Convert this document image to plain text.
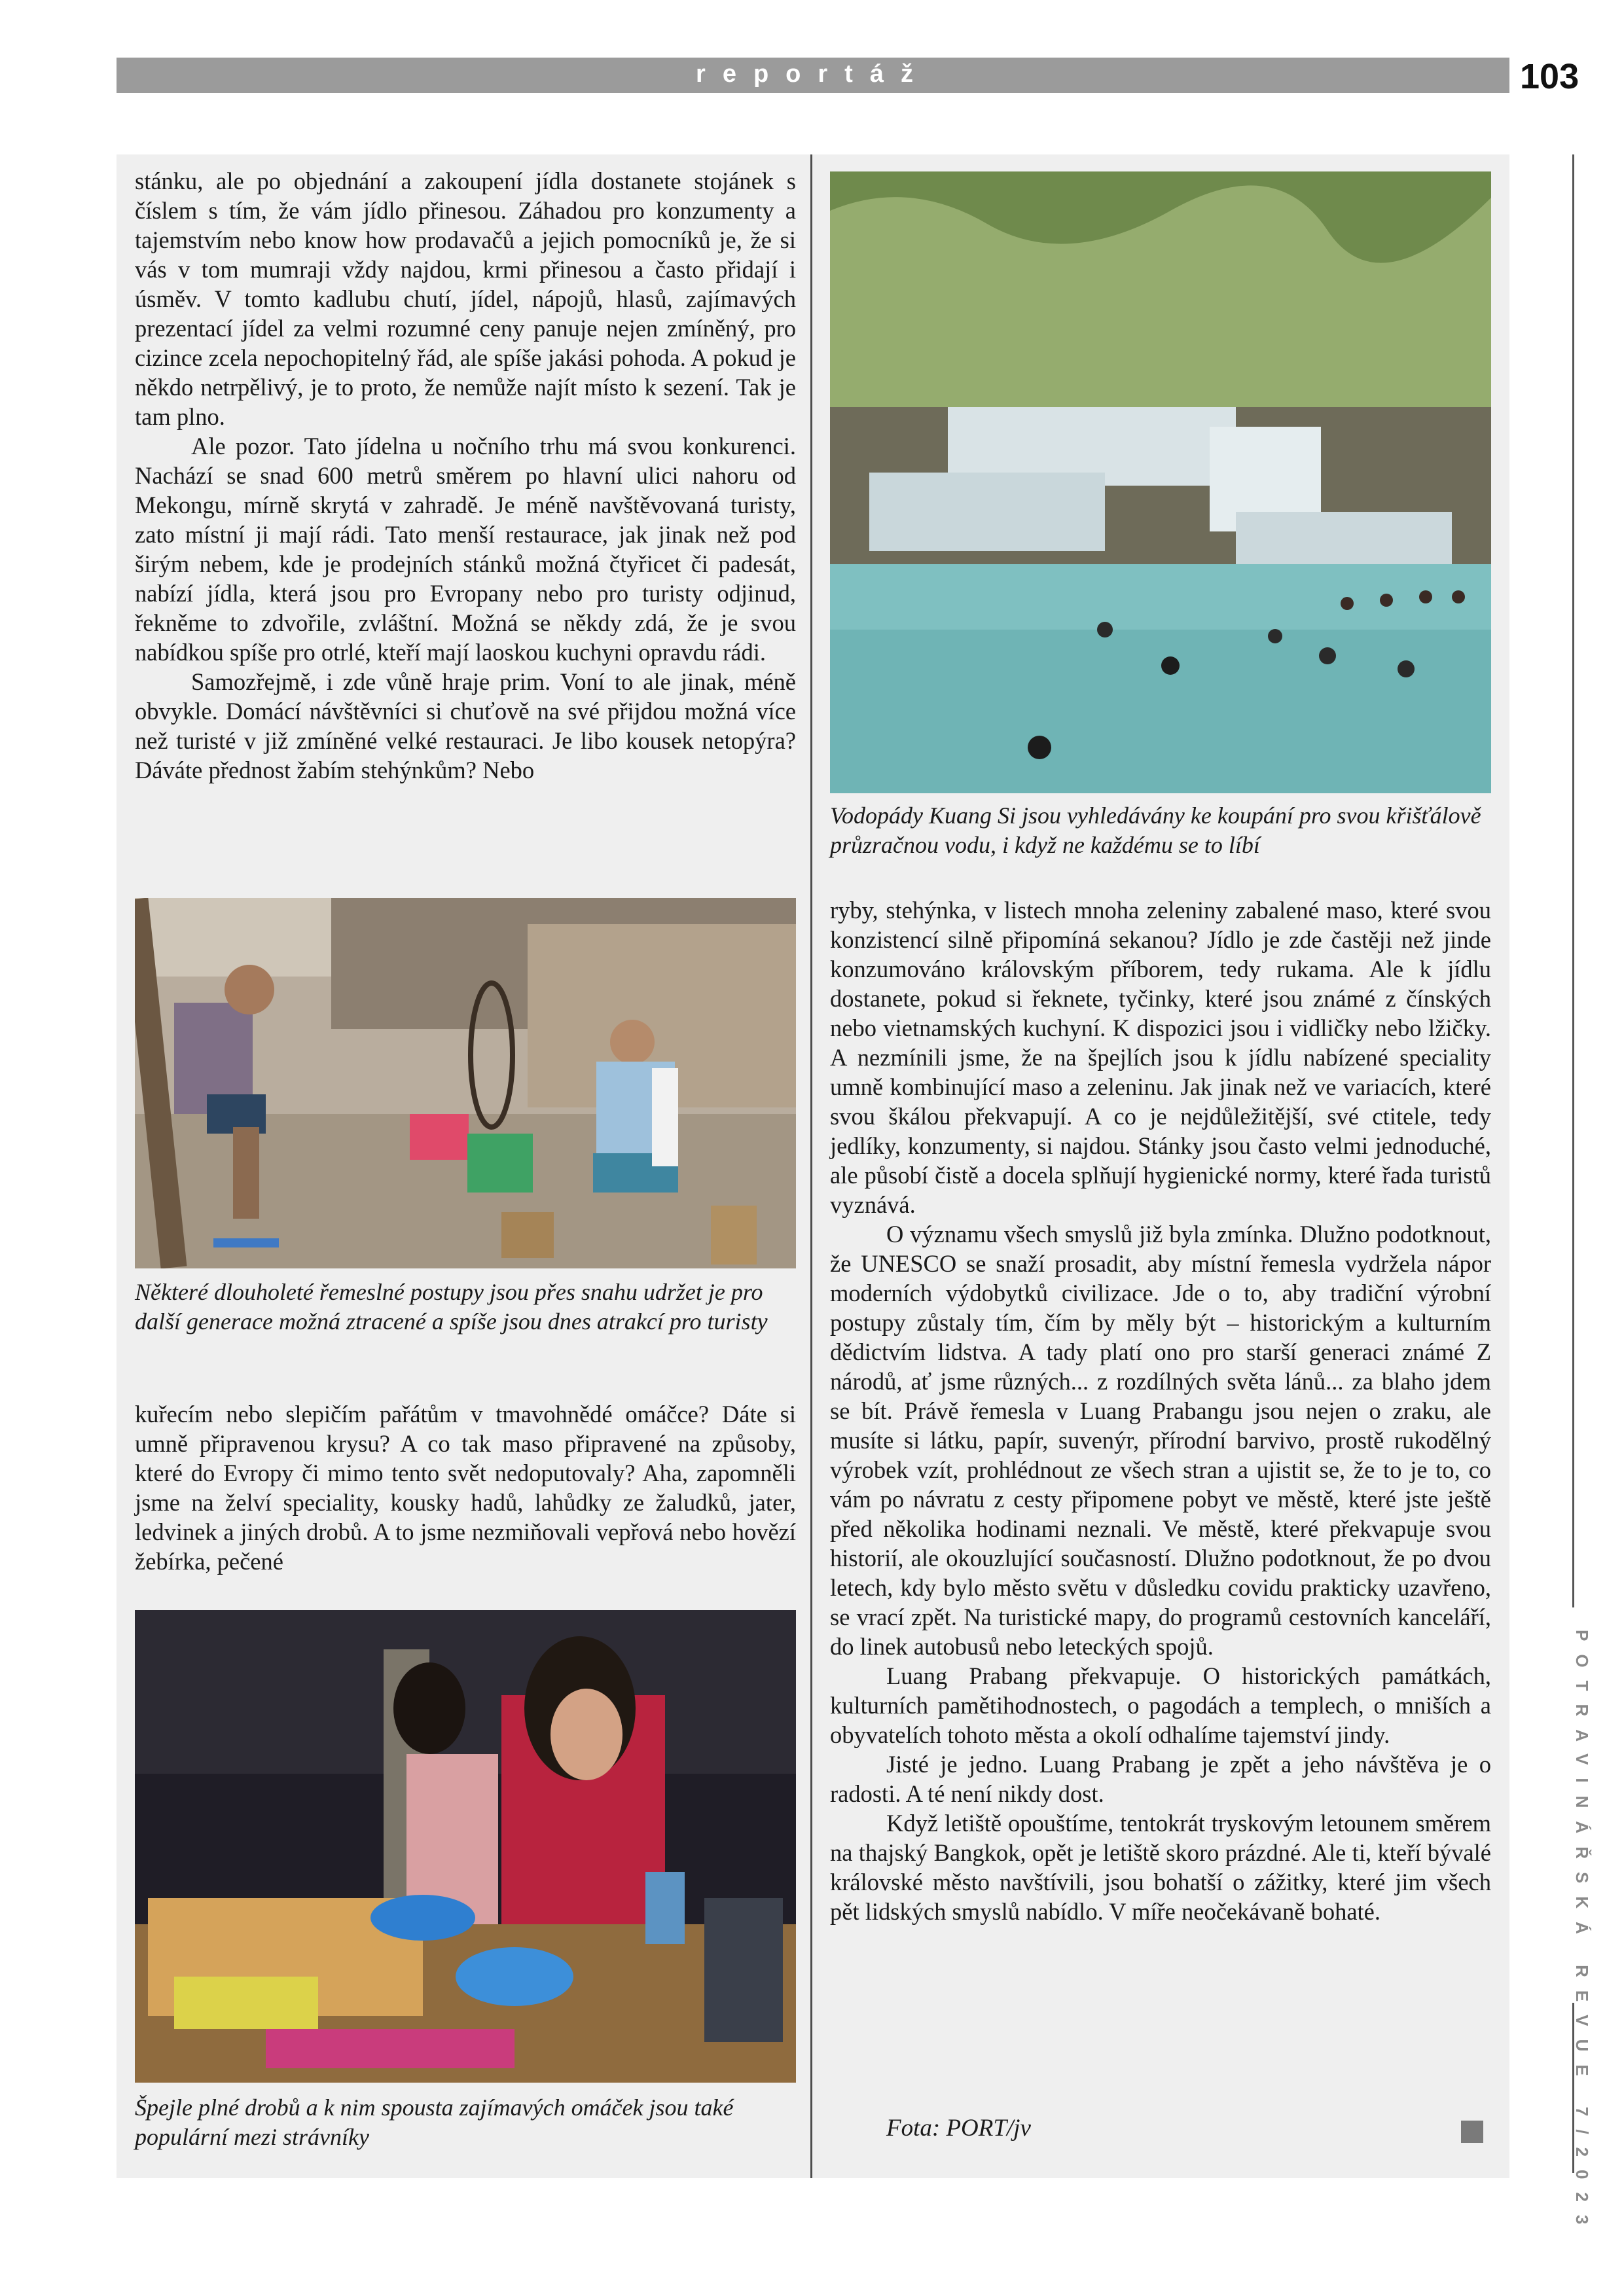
reportáž	103
POTRAVINÁŘSKÁ REVUE 7/2023

stánku, ale po objednání a zakoupení jídla dostanete stojánek s číslem s tím, že vám jídlo přinesou. Záhadou pro konzumenty a tajemstvím nebo know how prodavačů a jejich pomocníků je, že si vás v tom mumraji vždy najdou, krmi přinesou a často přidají i úsměv. V tomto kadlubu chutí, jídel, nápojů, hlasů, zajímavých prezentací jídel za velmi rozumné ceny panuje nejen zmíněný, pro cizince zcela nepochopitelný řád, ale spíše jakási pohoda. A pokud je někdo netrpělivý, je to proto, že nemůže najít místo k sezení. Tak je tam plno.

Ale pozor. Tato jídelna u nočního trhu má svou konkurenci. Nachází se snad 600 metrů směrem po hlavní ulici nahoru od Mekongu, mírně skrytá v zahradě. Je méně navštěvovaná turisty, zato místní ji mají rádi. Tato menší restaurace, jak jinak než pod širým nebem, kde je prodejních stánků možná čtyřicet či padesát, nabízí jídla, která jsou pro Evropany nebo pro turisty odjinud, řekněme to zdvořile, zvláštní. Možná se někdy zdá, že je svou nabídkou spíše pro otrlé, kteří mají laoskou kuchyni opravdu rádi.

Samozřejmě, i zde vůně hraje prim. Voní to ale jinak, méně obvykle. Domácí návštěvníci si chuťově na své přijdou možná více než turisté v již zmíněné velké restauraci. Je libo kousek netopýra? Dáváte přednost žabím stehýnkům? Nebo

Některé dlouholeté řemeslné postupy jsou přes snahu udržet je pro další generace možná ztracené a spíše jsou dnes atrakcí pro turisty

kuřecím nebo slepičím pařátům v tmavohnědé omáčce? Dáte si umně připravenou krysu? A co tak maso připravené na způsoby, které do Evropy či mimo tento svět nedoputovaly? Aha, zapomněli jsme na želví speciality, kousky hadů, lahůdky ze žaludků, jater, ledvinek a jiných drobů. A to jsme nezmiňovali vepřová nebo hovězí žebírka, pečené

Špejle plné drobů a k nim spousta zajímavých omáček jsou také populární mezi strávníky
Vodopády Kuang Si jsou vyhledávány ke koupání pro svou křišťálově průzračnou vodu, i když ne každému se to líbí

ryby, stehýnka, v listech mnoha zeleniny zabalené maso, které svou konzistencí silně připomíná sekanou? Jídlo je zde častěji než jinde konzumováno královským příborem, tedy rukama. Ale k jídlu dostanete, pokud si řeknete, tyčinky, které jsou známé z čínských nebo vietnamských kuchyní. K dispozici jsou i vidličky nebo lžičky. A nezmínili jsme, že na špejlích jsou k jídlu nabízené speciality umně kombinující maso a zeleninu. Jak jinak než ve variacích, které svou škálou překvapují. A co je nejdůležitější, své ctitele, tedy jedlíky, konzumenty, si najdou. Stánky jsou často velmi jednoduché, ale působí čistě a docela splňují hygienické normy, které řada turistů vyznává.

O významu všech smyslů již byla zmínka. Dlužno podotknout, že UNESCO se snaží prosadit, aby místní řemesla vydržela nápor moderních výdobytků civilizace. Jde o to, aby tradiční výrobní postupy zůstaly tím, čím by měly být – historickým a kulturním dědictvím lidstva. A tady platí ono pro starší generaci známé Z národů, ať jsme různých... z rozdílných světa lánů... za blaho jdem se bít. Právě řemesla v Luang Prabangu jsou nejen o zraku, ale musíte si látku, papír, suvenýr, přírodní barvivo, prostě rukodělný výrobek vzít, prohlédnout ze všech stran a ujistit se, že to je to, co vám po návratu z cesty připomene pobyt ve městě, které jste ještě před několika hodinami neznali. Ve městě, které překvapuje svou historií, ale okouzlující současností. Dlužno podotknout, že po dvou letech, kdy bylo město světu v důsledku covidu prakticky uzavřeno, se vrací zpět. Na turistické mapy, do programů cestovních kanceláří, do linek autobusů nebo leteckých spojů.

Luang Prabang překvapuje. O historických památkách, kulturních pamětihodnostech, o pagodách a templech, o mniších a obyvatelích tohoto města a okolí odhalíme tajemství jindy.

Jisté je jedno. Luang Prabang je zpět a jeho návštěva je o radosti. A té není nikdy dost.

Když letiště opouštíme, tentokrát tryskovým letounem směrem na thajský Bangkok, opět je letiště skoro prázdné. Ale ti, kteří bývalé královské město navštívili, jsou bohatší o zážitky, které jim všech pět lidských smyslů nabídlo. V míře neočekávaně bohaté.

Fota: PORT/jv
